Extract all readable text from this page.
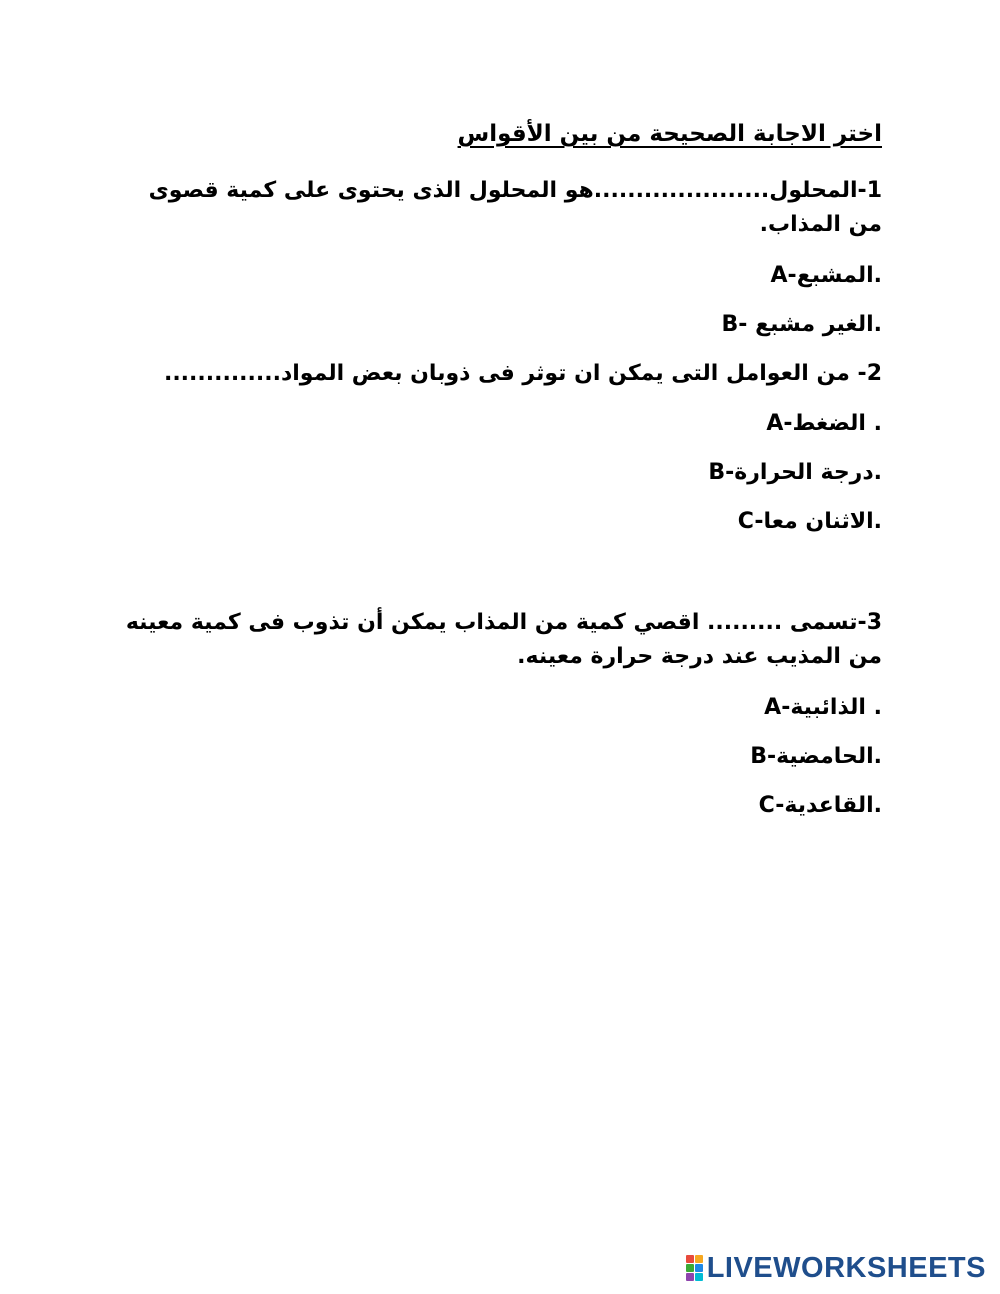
اختر الاجابة الصحيحة من بين الأقواس
1-المحلول.....................هو المحلول الذى يحتوى على كمية قصوى من المذاب.
A-المشبع.
B- الغير مشبع.
2- من العوامل التى يمكن ان توثر فى ذوبان بعض المواد..............
A-الضغط .
B-درجة الحرارة.
C-الاثنان معا.
3-تسمى ......... اقصي كمية من المذاب يمكن أن تذوب فى كمية معينه من المذيب عند درجة حرارة معينه.
A-الذائبية .
B-الحامضية.
C-القاعدية.
LIVEWORKSHEETS
